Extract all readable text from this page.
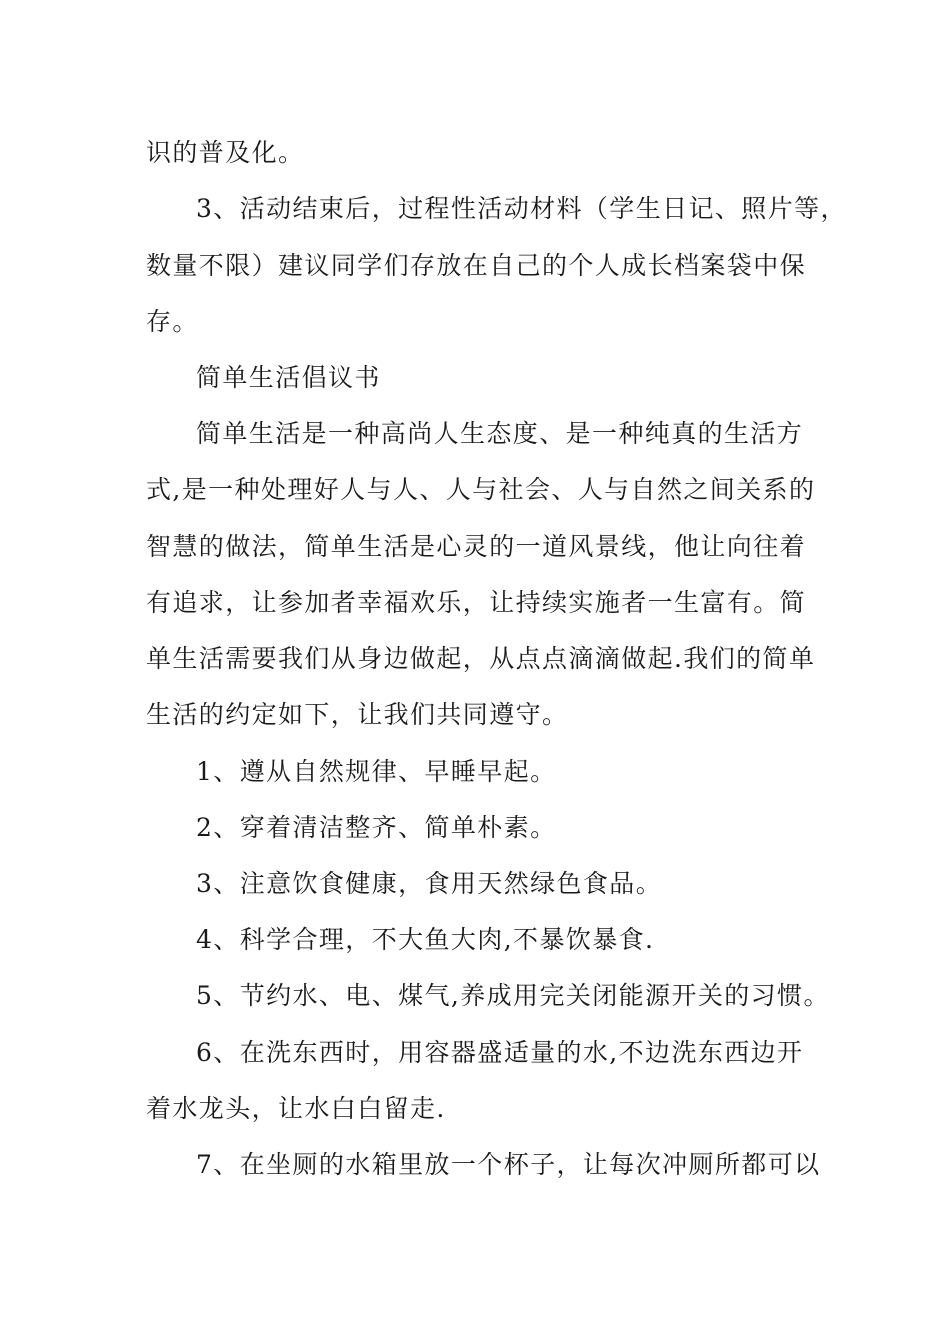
识的普及化。
3、活动结束后，过程性活动材料（学生日记、照片等，
数量不限）建议同学们存放在自己的个人成长档案袋中保
存。
简单生活倡议书
简单生活是一种高尚人生态度、是一种纯真的生活方
式,是一种处理好人与人、人与社会、人与自然之间关系的
智慧的做法，简单生活是心灵的一道风景线，他让向往着
有追求，让参加者幸福欢乐，让持续实施者一生富有。简
单生活需要我们从身边做起，从点点滴滴做起.我们的简单
生活的约定如下，让我们共同遵守。
1、遵从自然规律、早睡早起。
2、穿着清洁整齐、简单朴素。
3、注意饮食健康，食用天然绿色食品。
4、科学合理，不大鱼大肉,不暴饮暴食.
5、节约水、电、煤气,养成用完关闭能源开关的习惯。
6、在洗东西时，用容器盛适量的水,不边洗东西边开
着水龙头，让水白白留走.
7、在坐厕的水箱里放一个杯子，让每次冲厕所都可以
